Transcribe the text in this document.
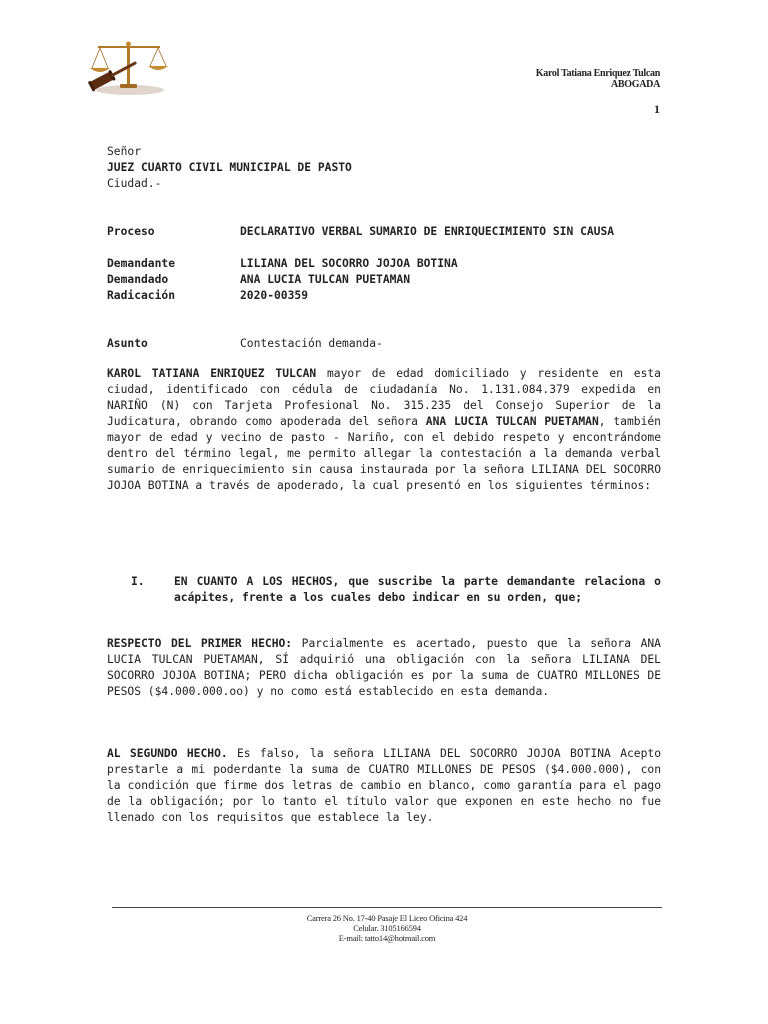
Karol Tatiana Enriquez Tulcan
ABOGADA
1
Señor
JUEZ CUARTO CIVIL MUNICIPAL DE PASTO
Ciudad.-
Proceso	DECLARATIVO VERBAL SUMARIO DE ENRIQUECIMIENTO SIN CAUSA
Demandante	LILIANA DEL SOCORRO JOJOA BOTINA
Demandado	ANA LUCIA TULCAN PUETAMAN
Radicación	2020-00359
Asunto	Contestación demanda-
KAROL TATIANA ENRIQUEZ TULCAN mayor de edad domiciliado y residente en esta ciudad, identificado con cédula de ciudadanía No. 1.131.084.379 expedida en NARIÑO (N) con Tarjeta Profesional No. 315.235 del Consejo Superior de la Judicatura, obrando como apoderada del señora ANA LUCIA TULCAN PUETAMAN, también mayor de edad y vecino de pasto - Nariño, con el debido respeto y encontrándome dentro del término legal, me permito allegar la contestación a la demanda verbal sumario de enriquecimiento sin causa instaurada por la señora LILIANA DEL SOCORRO JOJOA BOTINA a través de apoderado, la cual presentó en los siguientes términos:
I.	EN CUANTO A LOS HECHOS, que suscribe la parte demandante relaciona o acápites, frente a los cuales debo indicar en su orden, que;
RESPECTO DEL PRIMER HECHO: Parcialmente es acertado, puesto que la señora ANA LUCIA TULCAN PUETAMAN, SÍ adquirió una obligación con la señora LILIANA DEL SOCORRO JOJOA BOTINA; PERO dicha obligación es por la suma de CUATRO MILLONES DE PESOS ($4.000.000.oo) y no como está establecido en esta demanda.
AL SEGUNDO HECHO. Es falso, la señora LILIANA DEL SOCORRO JOJOA BOTINA Acepto prestarle a mi poderdante la suma de CUATRO MILLONES DE PESOS ($4.000.000), con la condición que firme dos letras de cambio en blanco, como garantía para el pago de la obligación; por lo tanto el título valor que exponen en este hecho no fue llenado con los requisitos que establece la ley.
Carrera 26 No. 17-40 Pasaje El Liceo Oficina 424
Celular. 3105166594
E-mail: tatto14@hotmail.com
